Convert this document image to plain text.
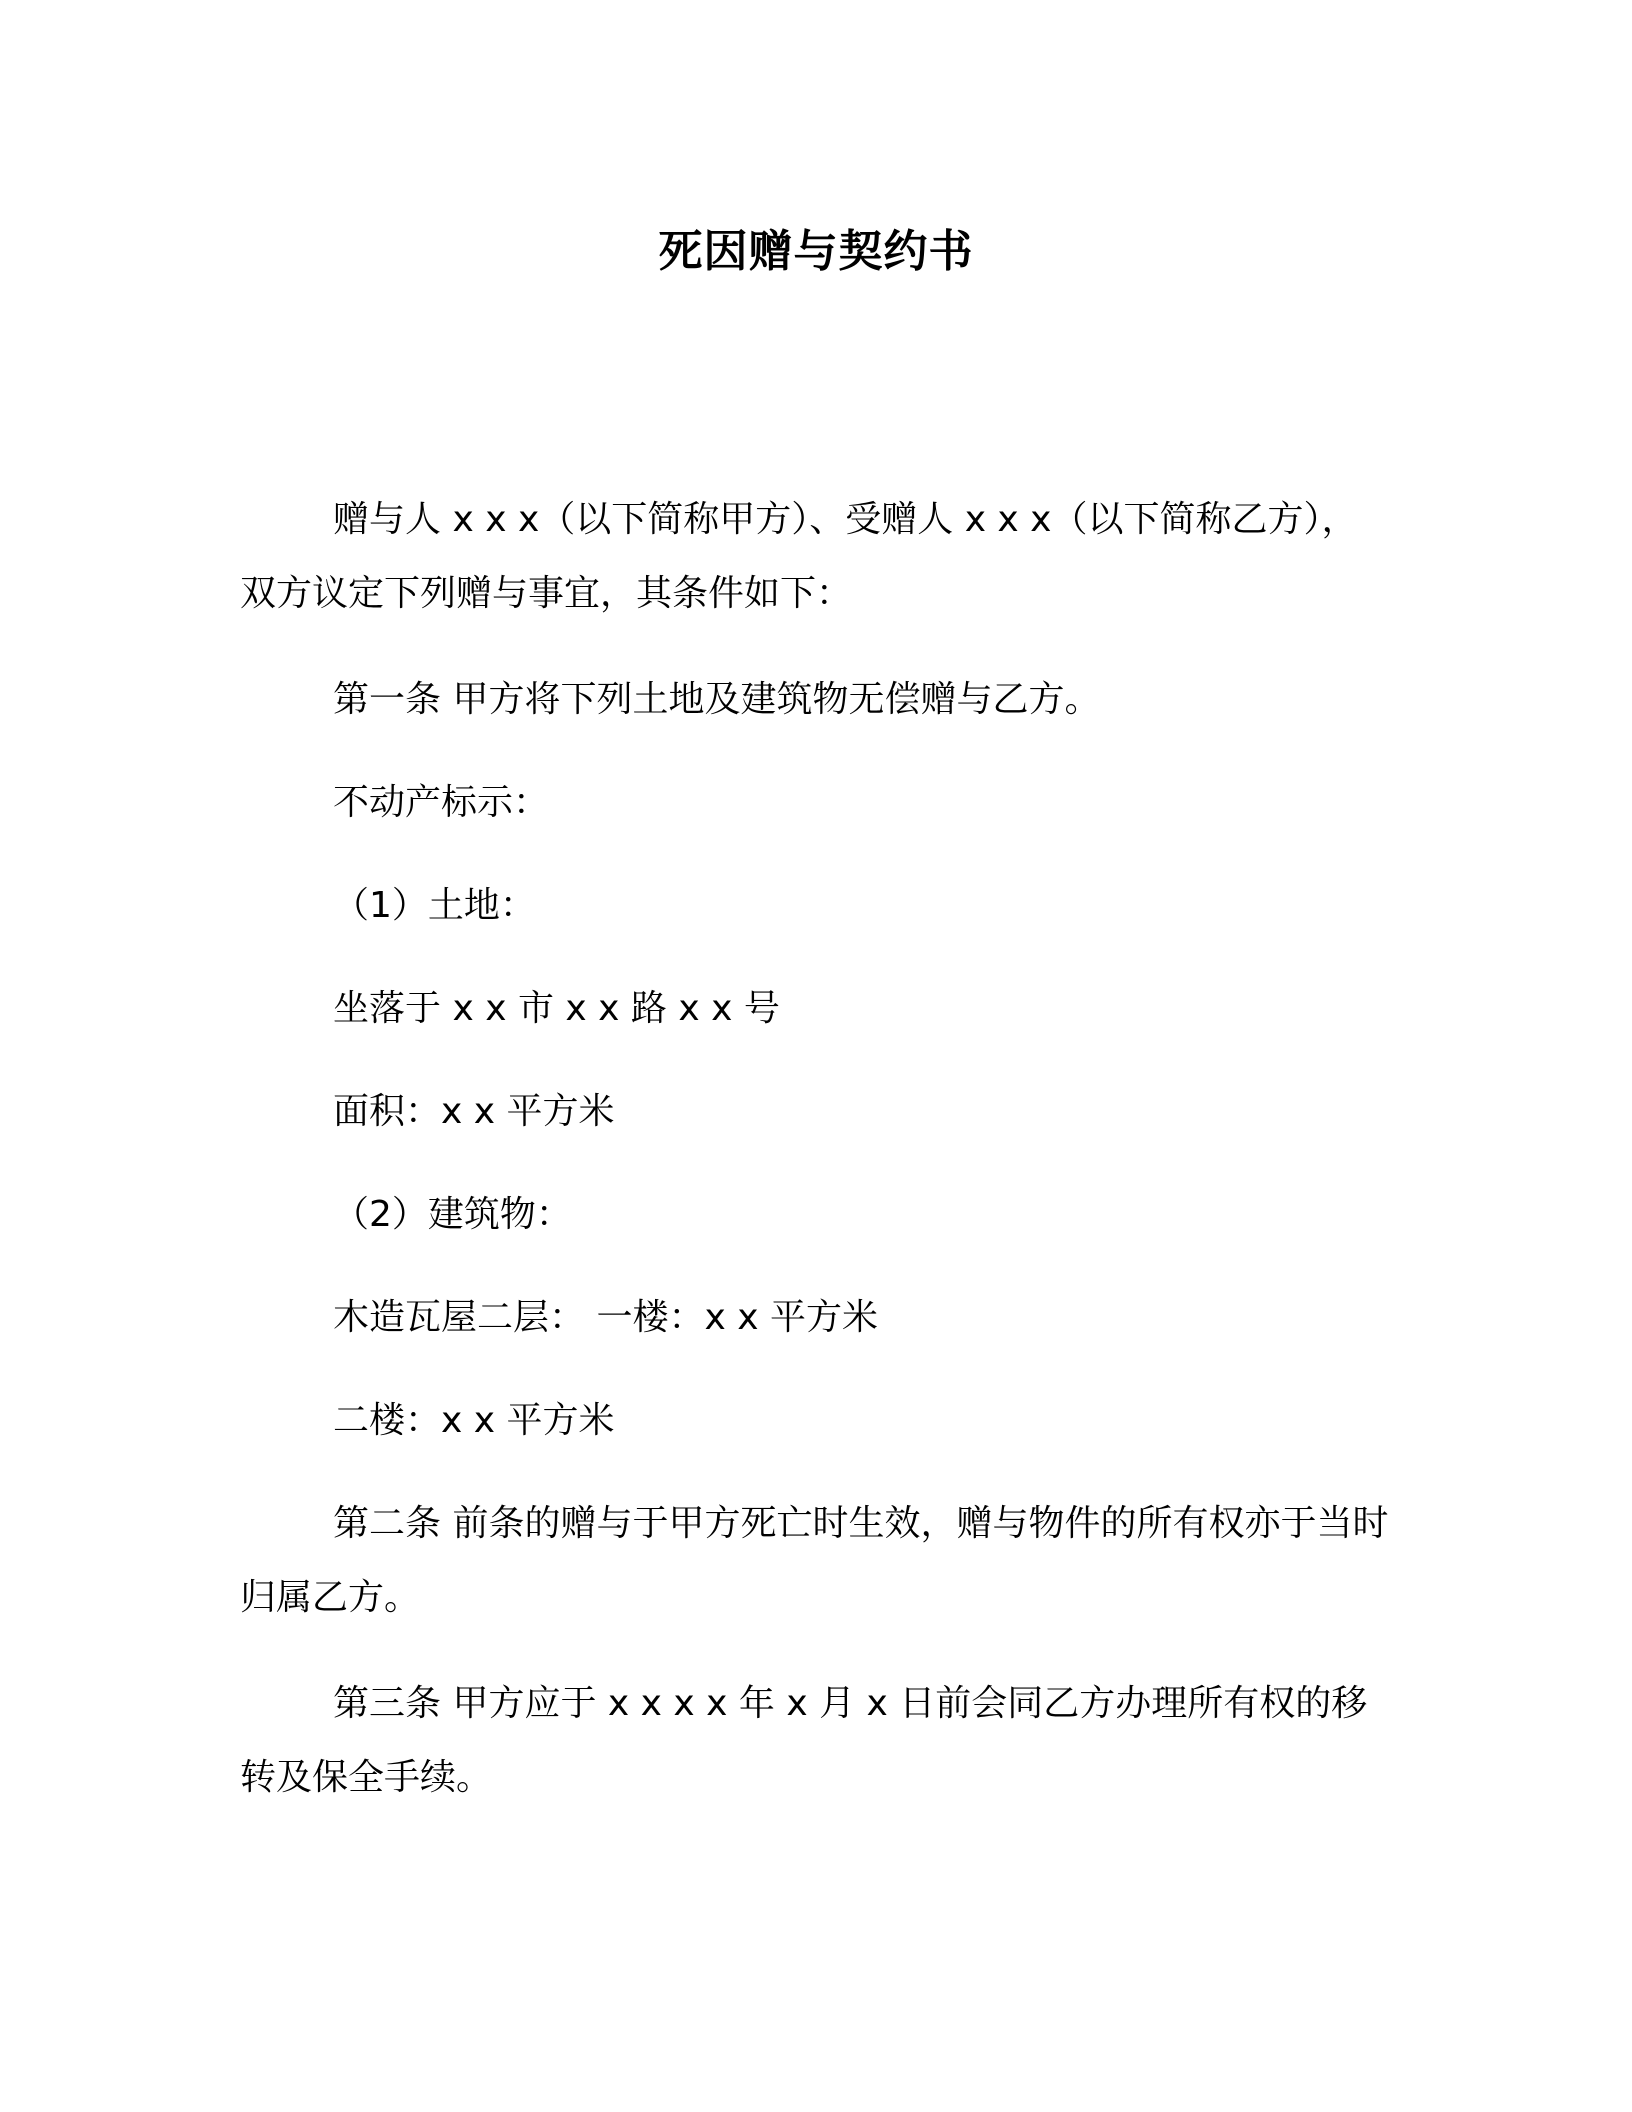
死因赠与契约书

赠与人 x x x（以下简称甲方）、受赠人 x x x（以下简称乙方），双方议定下列赠与事宜，其条件如下：

第一条 甲方将下列土地及建筑物无偿赠与乙方。

不动产标示：

（1）土地：

坐落于 x x 市 x x 路 x x 号

面积：x x 平方米

（2）建筑物：

木造瓦屋二层： 一楼：x x 平方米

二楼：x x 平方米

第二条 前条的赠与于甲方死亡时生效，赠与物件的所有权亦于当时归属乙方。

第三条 甲方应于 x x x x 年 x 月 x 日前会同乙方办理所有权的移转及保全手续。
